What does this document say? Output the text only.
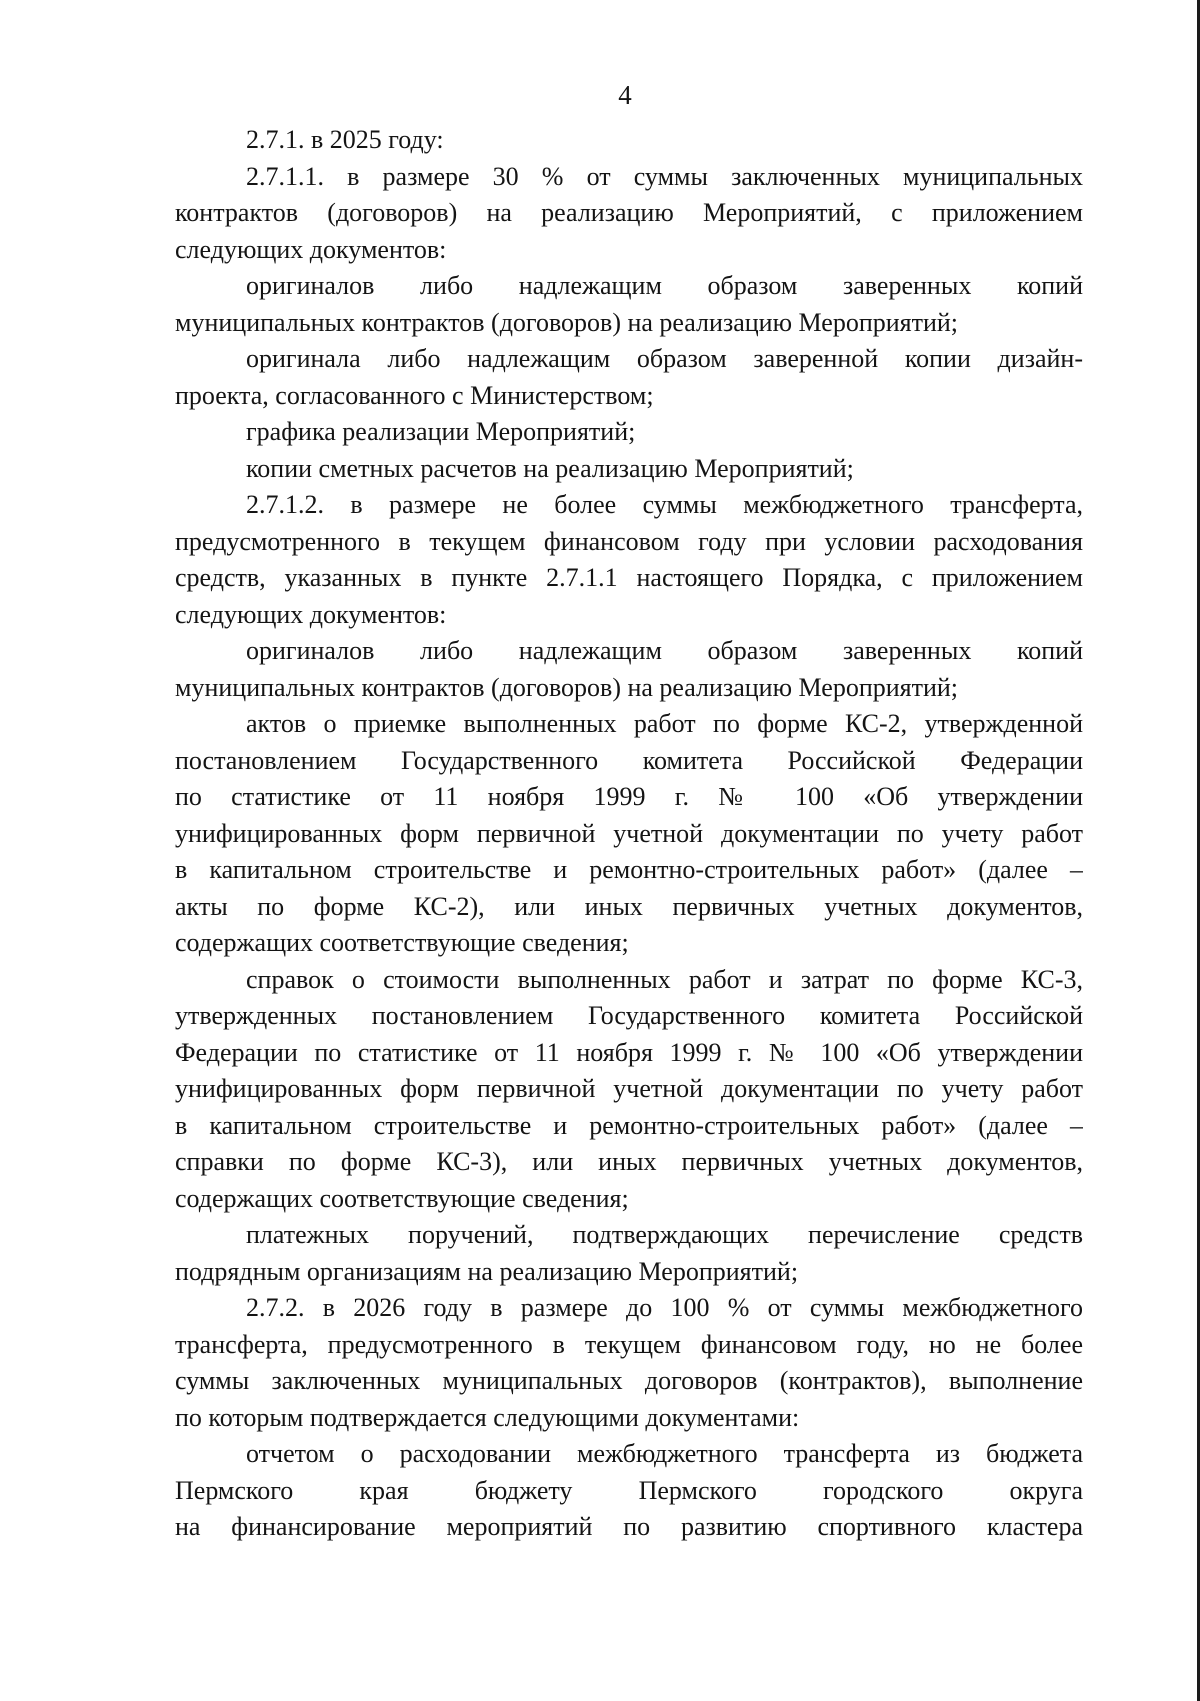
4
2.7.1. в 2025 году:
2.7.1.1. в размере 30 % от суммы заключенных муниципальных
контрактов (договоров) на реализацию Мероприятий, с приложением
следующих документов:
оригиналов либо надлежащим образом заверенных копий
муниципальных контрактов (договоров) на реализацию Мероприятий;
оригинала либо надлежащим образом заверенной копии дизайн-
проекта, согласованного с Министерством;
графика реализации Мероприятий;
копии сметных расчетов на реализацию Мероприятий;
2.7.1.2. в размере не более суммы межбюджетного трансферта,
предусмотренного в текущем финансовом году при условии расходования
средств, указанных в пункте 2.7.1.1 настоящего Порядка, с приложением
следующих документов:
оригиналов либо надлежащим образом заверенных копий
муниципальных контрактов (договоров) на реализацию Мероприятий;
актов о приемке выполненных работ по форме КС-2, утвержденной
постановлением Государственного комитета Российской Федерации
по статистике от 11 ноября 1999 г. № 100 «Об утверждении
унифицированных форм первичной учетной документации по учету работ
в капитальном строительстве и ремонтно-строительных работ» (далее –
акты по форме КС-2), или иных первичных учетных документов,
содержащих соответствующие сведения;
справок о стоимости выполненных работ и затрат по форме КС-3,
утвержденных постановлением Государственного комитета Российской
Федерации по статистике от 11 ноября 1999 г. № 100 «Об утверждении
унифицированных форм первичной учетной документации по учету работ
в капитальном строительстве и ремонтно-строительных работ» (далее –
справки по форме КС-3), или иных первичных учетных документов,
содержащих соответствующие сведения;
платежных поручений, подтверждающих перечисление средств
подрядным организациям на реализацию Мероприятий;
2.7.2. в 2026 году в размере до 100 % от суммы межбюджетного
трансферта, предусмотренного в текущем финансовом году, но не более
суммы заключенных муниципальных договоров (контрактов), выполнение
по которым подтверждается следующими документами:
отчетом о расходовании межбюджетного трансферта из бюджета
Пермского края бюджету Пермского городского округа
на финансирование мероприятий по развитию спортивного кластера
